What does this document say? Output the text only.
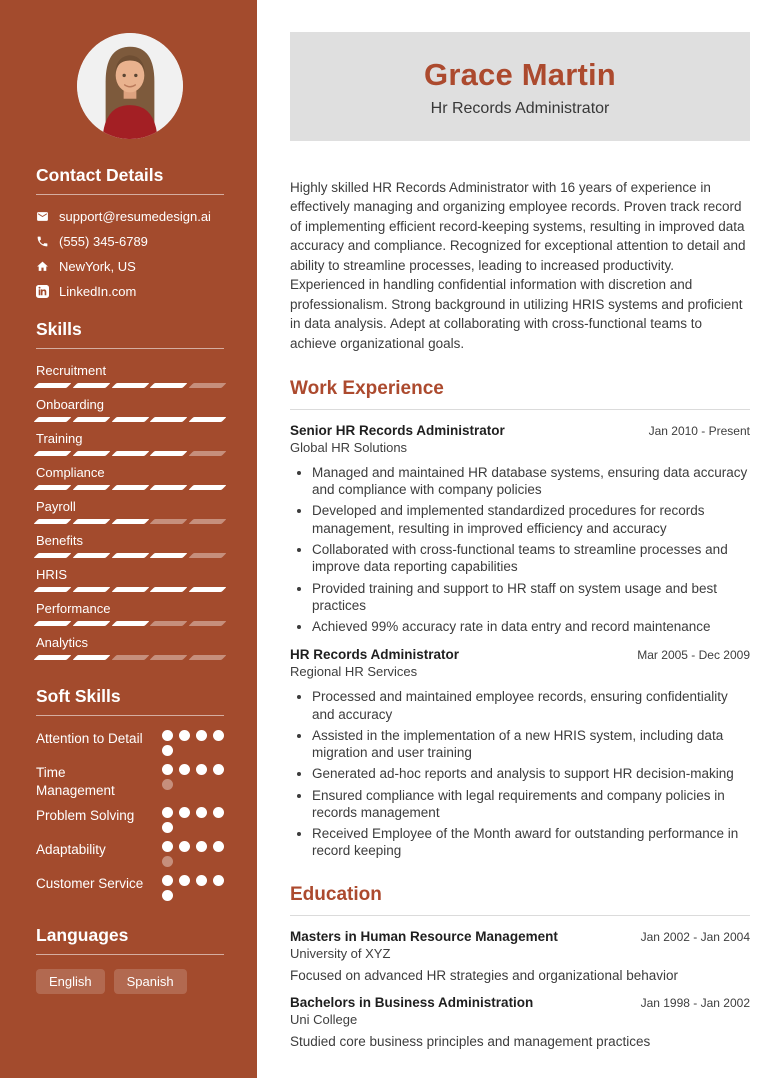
Contact Details
support@resumedesign.ai
(555) 345-6789
NewYork, US
LinkedIn.com
Skills
Recruitment
Onboarding
Training
Compliance
Payroll
Benefits
HRIS
Performance
Analytics
Soft Skills
Attention to Detail
Time Management
Problem Solving
Adaptability
Customer Service
Languages
English	Spanish
Grace Martin
Hr Records Administrator

Highly skilled HR Records Administrator with 16 years of experience in effectively managing and organizing employee records. Proven track record of implementing efficient record-keeping systems, resulting in improved data accuracy and compliance. Recognized for exceptional attention to detail and ability to streamline processes, leading to increased productivity. Experienced in handling confidential information with discretion and professionalism. Strong background in utilizing HRIS systems and proficient in data analysis. Adept at collaborating with cross-functional teams to achieve organizational goals.

Work Experience
Senior HR Records Administrator	Jan 2010 - Present
Global HR Solutions
• Managed and maintained HR database systems, ensuring data accuracy and compliance with company policies
• Developed and implemented standardized procedures for records management, resulting in improved efficiency and accuracy
• Collaborated with cross-functional teams to streamline processes and improve data reporting capabilities
• Provided training and support to HR staff on system usage and best practices
• Achieved 99% accuracy rate in data entry and record maintenance
HR Records Administrator	Mar 2005 - Dec 2009
Regional HR Services
• Processed and maintained employee records, ensuring confidentiality and accuracy
• Assisted in the implementation of a new HRIS system, including data migration and user training
• Generated ad-hoc reports and analysis to support HR decision-making
• Ensured compliance with legal requirements and company policies in records management
• Received Employee of the Month award for outstanding performance in record keeping
Education
Masters in Human Resource Management	Jan 2002 - Jan 2004
University of XYZ
Focused on advanced HR strategies and organizational behavior
Bachelors in Business Administration	Jan 1998 - Jan 2002
Uni College
Studied core business principles and management practices
